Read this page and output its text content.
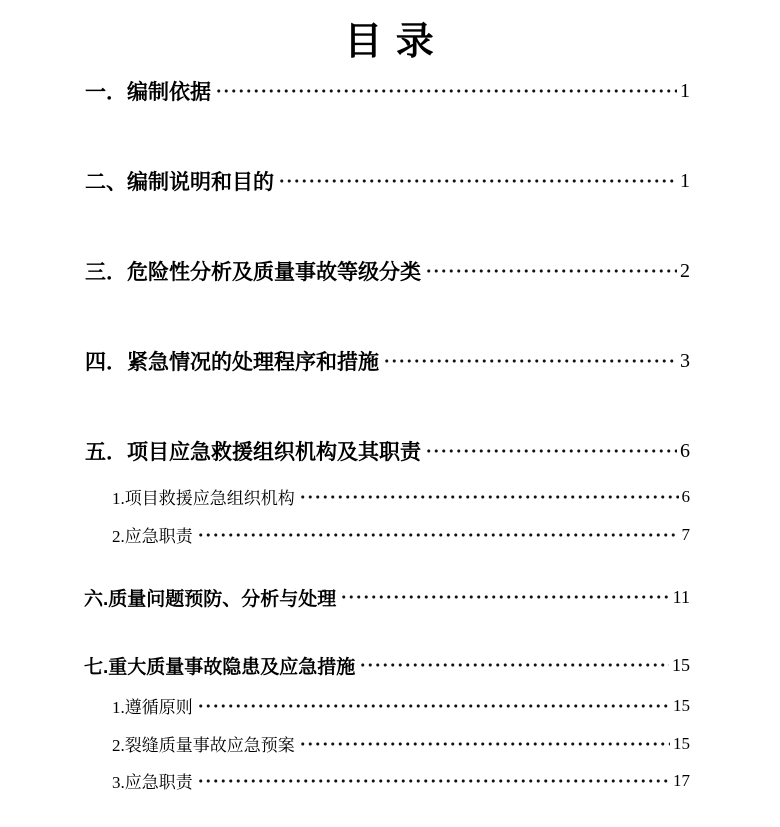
目 录
一．编制依据	1
二、编制说明和目的	1
三．危险性分析及质量事故等级分类	2
四．紧急情况的处理程序和措施	3
五．项目应急救援组织机构及其职责	6
1.项目救援应急组织机构	6
2.应急职责	7
六.质量问题预防、分析与处理	11
七.重大质量事故隐患及应急措施	15
1.遵循原则	15
2.裂缝质量事故应急预案	15
3.应急职责	17
